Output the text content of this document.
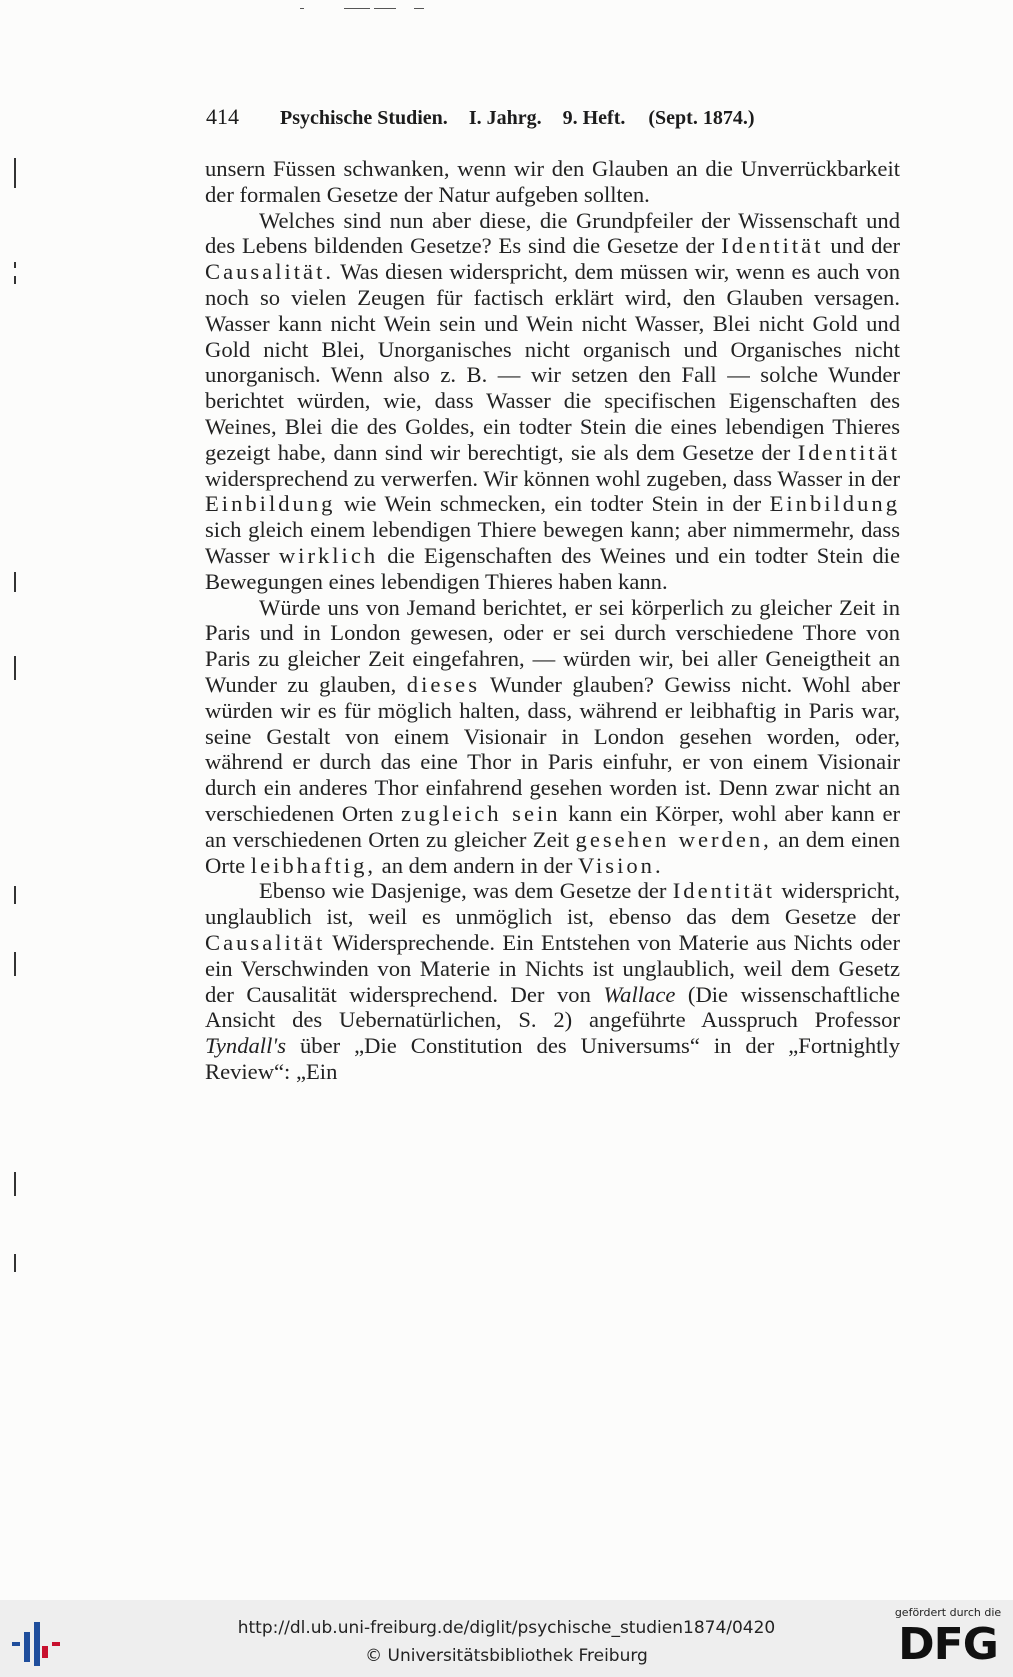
414 Psychische Studien. I. Jahrg. 9. Heft. (Sept. 1874.)

unsern Füssen schwanken, wenn wir den Glauben an die Unverrückbarkeit der formalen Gesetze der Natur aufgeben sollten.

Welches sind nun aber diese, die Grundpfeiler der Wissenschaft und des Lebens bildenden Gesetze? Es sind die Gesetze der Identität und der Causalität. Was diesen widerspricht, dem müssen wir, wenn es auch von noch so vielen Zeugen für factisch erklärt wird, den Glauben versagen. Wasser kann nicht Wein sein und Wein nicht Wasser, Blei nicht Gold und Gold nicht Blei, Unorganisches nicht organisch und Organisches nicht unorganisch. Wenn also z. B. — wir setzen den Fall — solche Wunder berichtet würden, wie, dass Wasser die specifischen Eigenschaften des Weines, Blei die des Goldes, ein todter Stein die eines lebendigen Thieres gezeigt habe, dann sind wir berechtigt, sie als dem Gesetze der Identität widersprechend zu verwerfen. Wir können wohl zugeben, dass Wasser in der Einbildung wie Wein schmecken, ein todter Stein in der Einbildung sich gleich einem lebendigen Thiere bewegen kann; aber nimmermehr, dass Wasser wirklich die Eigenschaften des Weines und ein todter Stein die Bewegungen eines lebendigen Thieres haben kann.

Würde uns von Jemand berichtet, er sei körperlich zu gleicher Zeit in Paris und in London gewesen, oder er sei durch verschiedene Thore von Paris zu gleicher Zeit eingefahren, — würden wir, bei aller Geneigtheit an Wunder zu glauben, dieses Wunder glauben? Gewiss nicht. Wohl aber würden wir es für möglich halten, dass, während er leibhaftig in Paris war, seine Gestalt von einem Visionair in London gesehen worden, oder, während er durch das eine Thor in Paris einfuhr, er von einem Visionair durch ein anderes Thor einfahrend gesehen worden ist. Denn zwar nicht an verschiedenen Orten zugleich sein kann ein Körper, wohl aber kann er an verschiedenen Orten zu gleicher Zeit gesehen werden, an dem einen Orte leibhaftig, an dem andern in der Vision.

Ebenso wie Dasjenige, was dem Gesetze der Identität widerspricht, unglaublich ist, weil es unmöglich ist, ebenso das dem Gesetze der Causalität Widersprechende. Ein Entstehen von Materie aus Nichts oder ein Verschwinden von Materie in Nichts ist unglaublich, weil dem Gesetz der Causalität widersprechend. Der von Wallace (Die wissenschaftliche Ansicht des Uebernatürlichen, S. 2) angeführte Ausspruch Professor Tyndall's über „Die Constitution des Universums“ in der „Fortnightly Review“: „Ein

http://dl.ub.uni-freiburg.de/diglit/psychische_studien1874/0420
© Universitätsbibliothek Freiburg
gefördert durch die
DFG
